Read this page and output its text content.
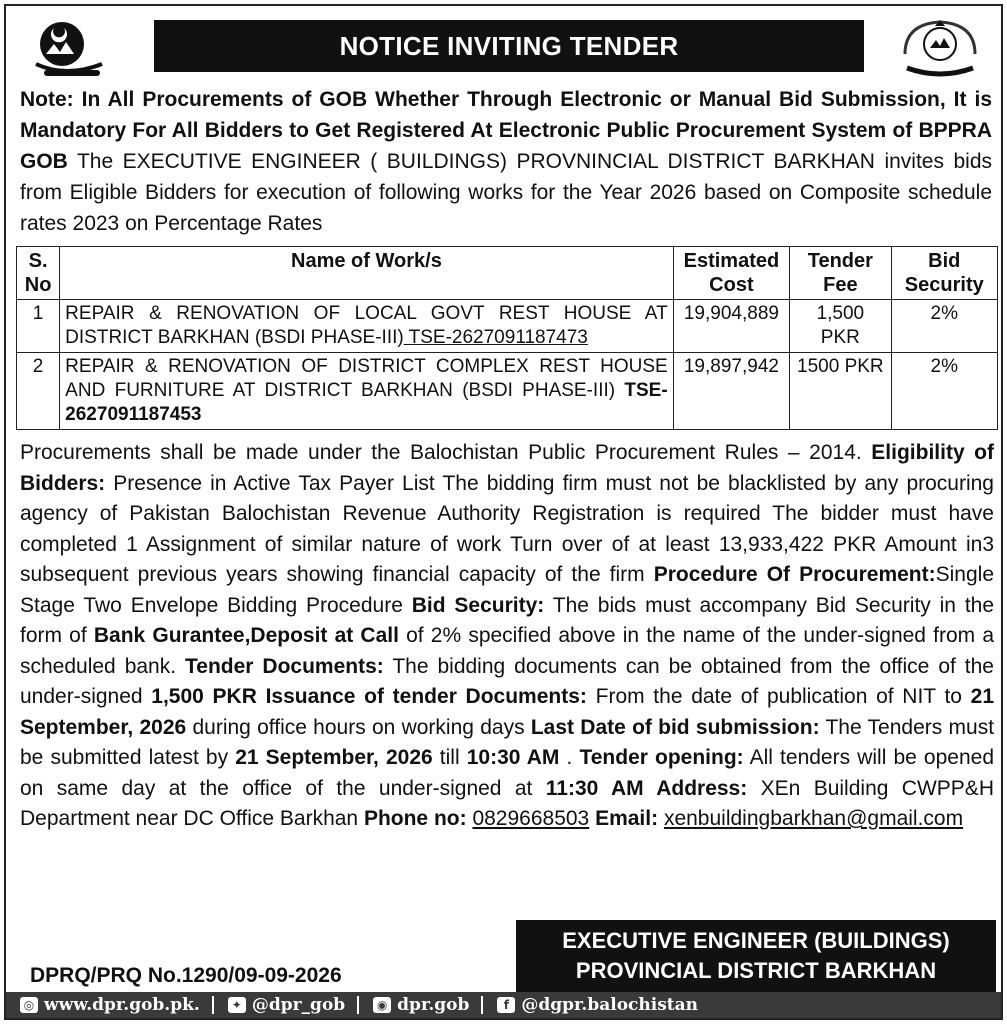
NOTICE INVITING TENDER

Note: In All Procurements of GOB Whether Through Electronic or Manual Bid Submission, It is Mandatory For All Bidders to Get Registered At Electronic Public Procurement System of BPPRA GOB The EXECUTIVE ENGINEER ( BUILDINGS) PROVNINCIAL DISTRICT BARKHAN invites bids from Eligible Bidders for execution of following works for the Year 2026 based on Composite schedule rates 2023 on Percentage Rates

S. No	Name of Work/s	Estimated Cost	Tender Fee	Bid Security
1	REPAIR & RENOVATION OF LOCAL GOVT REST HOUSE AT DISTRICT BARKHAN (BSDI PHASE-III) TSE-2627091187473	19,904,889	1,500 PKR	2%
2	REPAIR & RENOVATION OF DISTRICT COMPLEX REST HOUSE AND FURNITURE AT DISTRICT BARKHAN (BSDI PHASE-III) TSE-2627091187453	19,897,942	1500 PKR	2%

Procurements shall be made under the Balochistan Public Procurement Rules – 2014. Eligibility of Bidders: Presence in Active Tax Payer List The bidding firm must not be blacklisted by any procuring agency of Pakistan Balochistan Revenue Authority Registration is required The bidder must have completed 1 Assignment of similar nature of work Turn over of at least 13,933,422 PKR Amount in3 subsequent previous years showing financial capacity of the firm Procedure Of Procurement:Single Stage Two Envelope Bidding Procedure Bid Security: The bids must accompany Bid Security in the form of Bank Gurantee,Deposit at Call of 2% specified above in the name of the under-signed from a scheduled bank. Tender Documents: The bidding documents can be obtained from the office of the under-signed 1,500 PKR Issuance of tender Documents: From the date of publication of NIT to 21 September, 2026 during office hours on working days Last Date of bid submission: The Tenders must be submitted latest by 21 September, 2026 till 10:30 AM . Tender opening: All tenders will be opened on same day at the office of the under-signed at 11:30 AM Address: XEn Building CWPP&H Department near DC Office Barkhan Phone no: 0829668503 Email: xenbuildingbarkhan@gmail.com

DPRQ/PRQ No.1290/09-09-2026
EXECUTIVE ENGINEER (BUILDINGS)
PROVINCIAL DISTRICT BARKHAN
◎ www.dpr.gob.pk.	✦ @dpr_gob	◉ dpr.gob	f @dgpr.balochistan
